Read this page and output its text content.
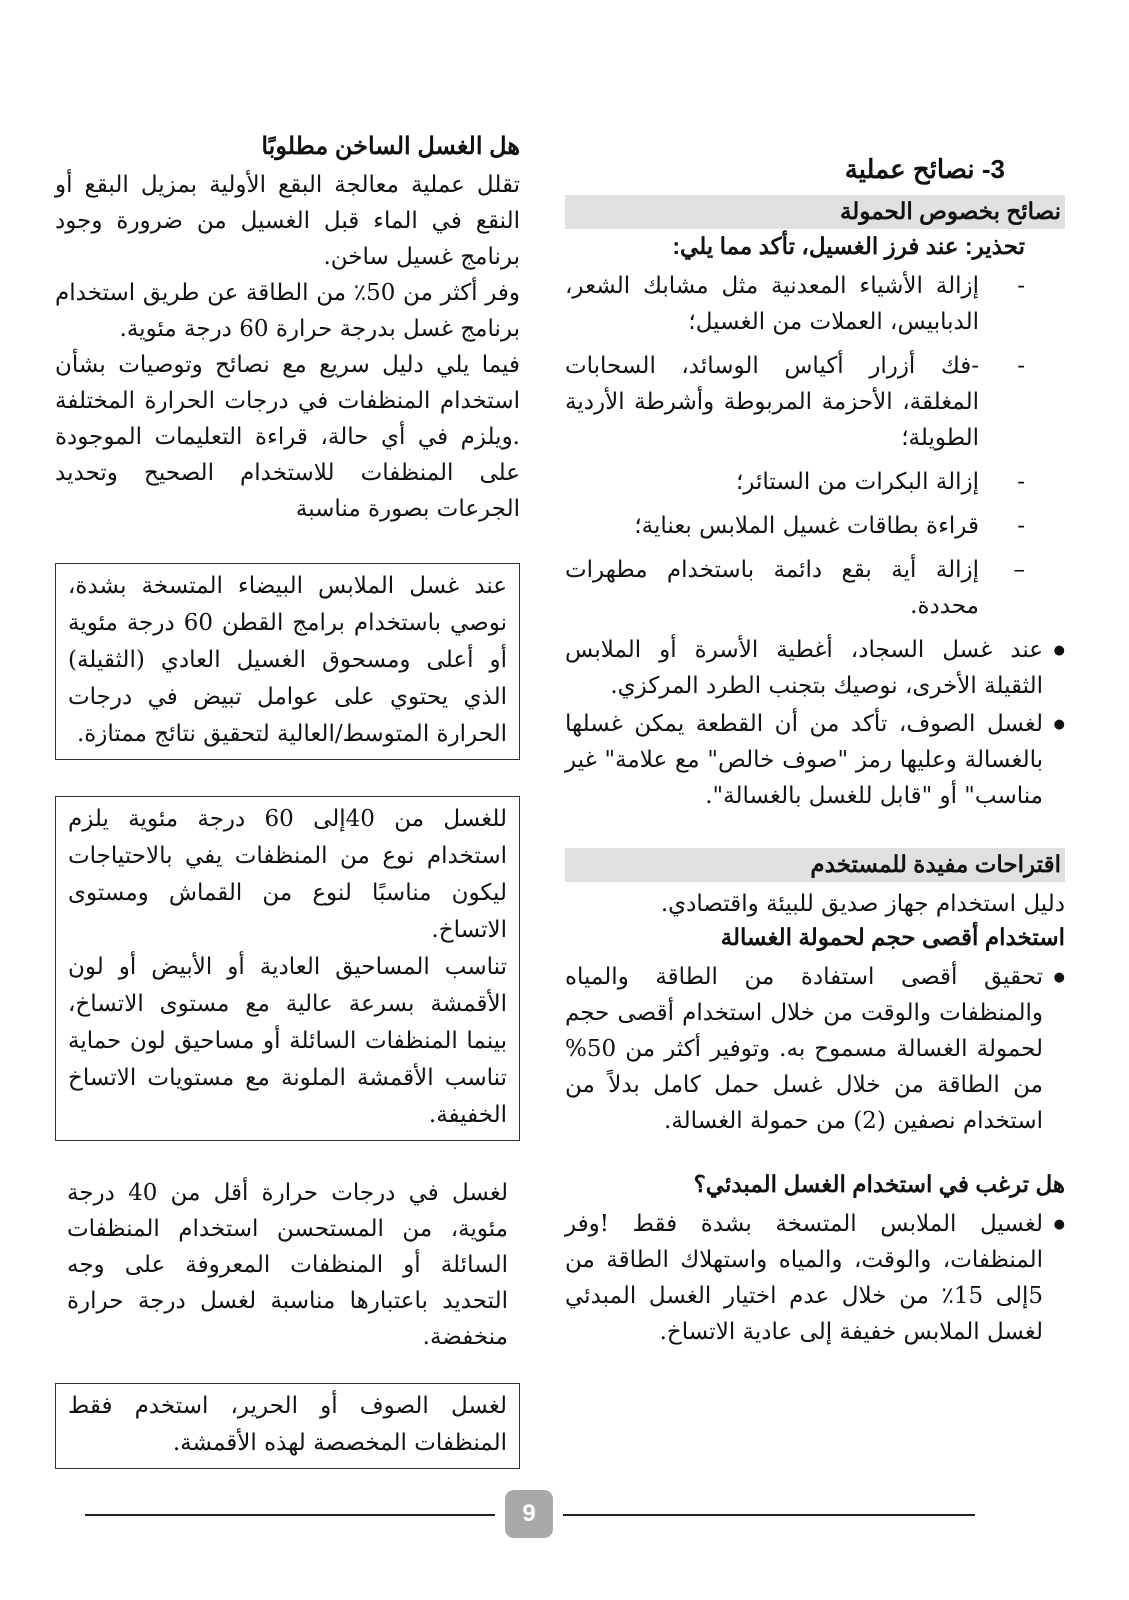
3- نصائح عملية
نصائح بخصوص الحمولة
تحذير: عند فرز الغسيل، تأكد مما يلي:
-
إزالة الأشياء المعدنية مثل مشابك الشعر، الدبابيس، العملات من الغسيل؛
-
-فك أزرار أكياس الوسائد، السحابات المغلقة، الأحزمة المربوطة وأشرطة الأردية الطويلة؛
-
إزالة البكرات من الستائر؛
-
قراءة بطاقات غسيل الملابس بعناية؛
–
إزالة أية بقع دائمة باستخدام مطهرات محددة.
● عند غسل السجاد، أغطية الأسرة أو الملابس الثقيلة الأخرى، نوصيك بتجنب الطرد المركزي.
● لغسل الصوف، تأكد من أن القطعة يمكن غسلها بالغسالة وعليها رمز "صوف خالص" مع علامة" غير مناسب" أو "قابل للغسل بالغسالة".
اقتراحات مفيدة للمستخدم

دليل استخدام جهاز صديق للبيئة واقتصادي.

استخدام أقصى حجم لحمولة الغسالة
● تحقيق أقصى استفادة من الطاقة والمياه والمنظفات والوقت من خلال استخدام أقصى حجم لحمولة الغسالة مسموح به. وتوفير أكثر من 50% من الطاقة من خلال غسل حمل كامل بدلاً من استخدام نصفين (2) من حمولة الغسالة.
هل ترغب في استخدام الغسل المبدئي؟
● لغسيل الملابس المتسخة بشدة فقط !وفر المنظفات، والوقت، والمياه واستهلاك الطاقة من 5إلى 15٪ من خلال عدم اختيار الغسل المبدئي لغسل الملابس خفيفة إلى عادية الاتساخ.
هل الغسل الساخن مطلوبًا

تقلل عملية معالجة البقع الأولية بمزيل البقع أو النقع في الماء قبل الغسيل من ضرورة وجود برنامج غسيل ساخن.

وفر أكثر من 50٪ من الطاقة عن طريق استخدام برنامج غسل بدرجة حرارة 60 درجة مئوية.

فيما يلي دليل سريع مع نصائح وتوصيات بشأن استخدام المنظفات في درجات الحرارة المختلفة .ويلزم في أي حالة، قراءة التعليمات الموجودة على المنظفات للاستخدام الصحيح وتحديد الجرعات بصورة مناسبة

عند غسل الملابس البيضاء المتسخة بشدة، نوصي باستخدام برامج القطن 60 درجة مئوية أو أعلى ومسحوق الغسيل العادي (الثقيلة) الذي يحتوي على عوامل تبيض في درجات الحرارة المتوسط/العالية لتحقيق نتائج ممتازة.

للغسل من 40إلى 60 درجة مئوية يلزم استخدام نوع من المنظفات يفي بالاحتياجات ليكون مناسبًا لنوع من القماش ومستوى الاتساخ.

تناسب المساحيق العادية أو الأبيض أو لون الأقمشة بسرعة عالية مع مستوى الاتساخ، بينما المنظفات السائلة أو مساحيق لون حماية تناسب الأقمشة الملونة مع مستويات الاتساخ الخفيفة.

لغسل في درجات حرارة أقل من 40 درجة مئوية، من المستحسن استخدام المنظفات السائلة أو المنظفات المعروفة على وجه التحديد باعتبارها مناسبة لغسل درجة حرارة منخفضة.

لغسل الصوف أو الحرير، استخدم فقط المنظفات المخصصة لهذه الأقمشة.

9
